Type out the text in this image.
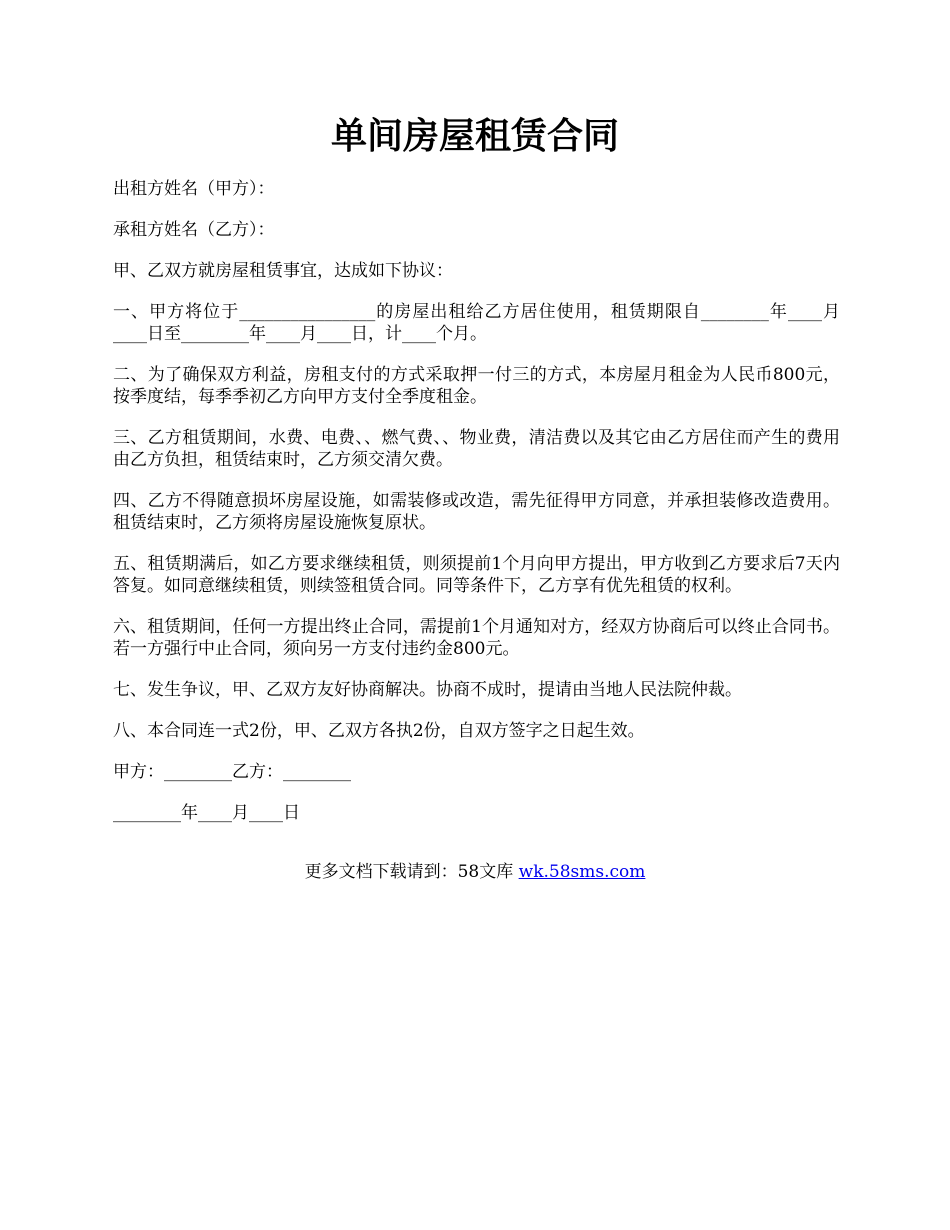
单间房屋租赁合同

出租方姓名（甲方）：

承租方姓名（乙方）：

甲、乙双方就房屋租赁事宜，达成如下协议：

一、甲方将位于________________的房屋出租给乙方居住使用，租赁期限自________年____月____日至________年____月____日，计____个月。

二、为了确保双方利益，房租支付的方式采取押一付三的方式，本房屋月租金为人民币800元，按季度结，每季季初乙方向甲方支付全季度租金。

三、乙方租赁期间，水费、电费、、燃气费、、物业费，清洁费以及其它由乙方居住而产生的费用由乙方负担，租赁结束时，乙方须交清欠费。

四、乙方不得随意损坏房屋设施，如需装修或改造，需先征得甲方同意，并承担装修改造费用。租赁结束时，乙方须将房屋设施恢复原状。

五、租赁期满后，如乙方要求继续租赁，则须提前1个月向甲方提出，甲方收到乙方要求后7天内答复。如同意继续租赁，则续签租赁合同。同等条件下，乙方享有优先租赁的权利。

六、租赁期间，任何一方提出终止合同，需提前1个月通知对方，经双方协商后可以终止合同书。若一方强行中止合同，须向另一方支付违约金800元。

七、发生争议，甲、乙双方友好协商解决。协商不成时，提请由当地人民法院仲裁。

八、本合同连一式2份，甲、乙双方各执2份，自双方签字之日起生效。

甲方：________乙方：________

________年____月____日

更多文档下载请到：58文库 wk.58sms.com
